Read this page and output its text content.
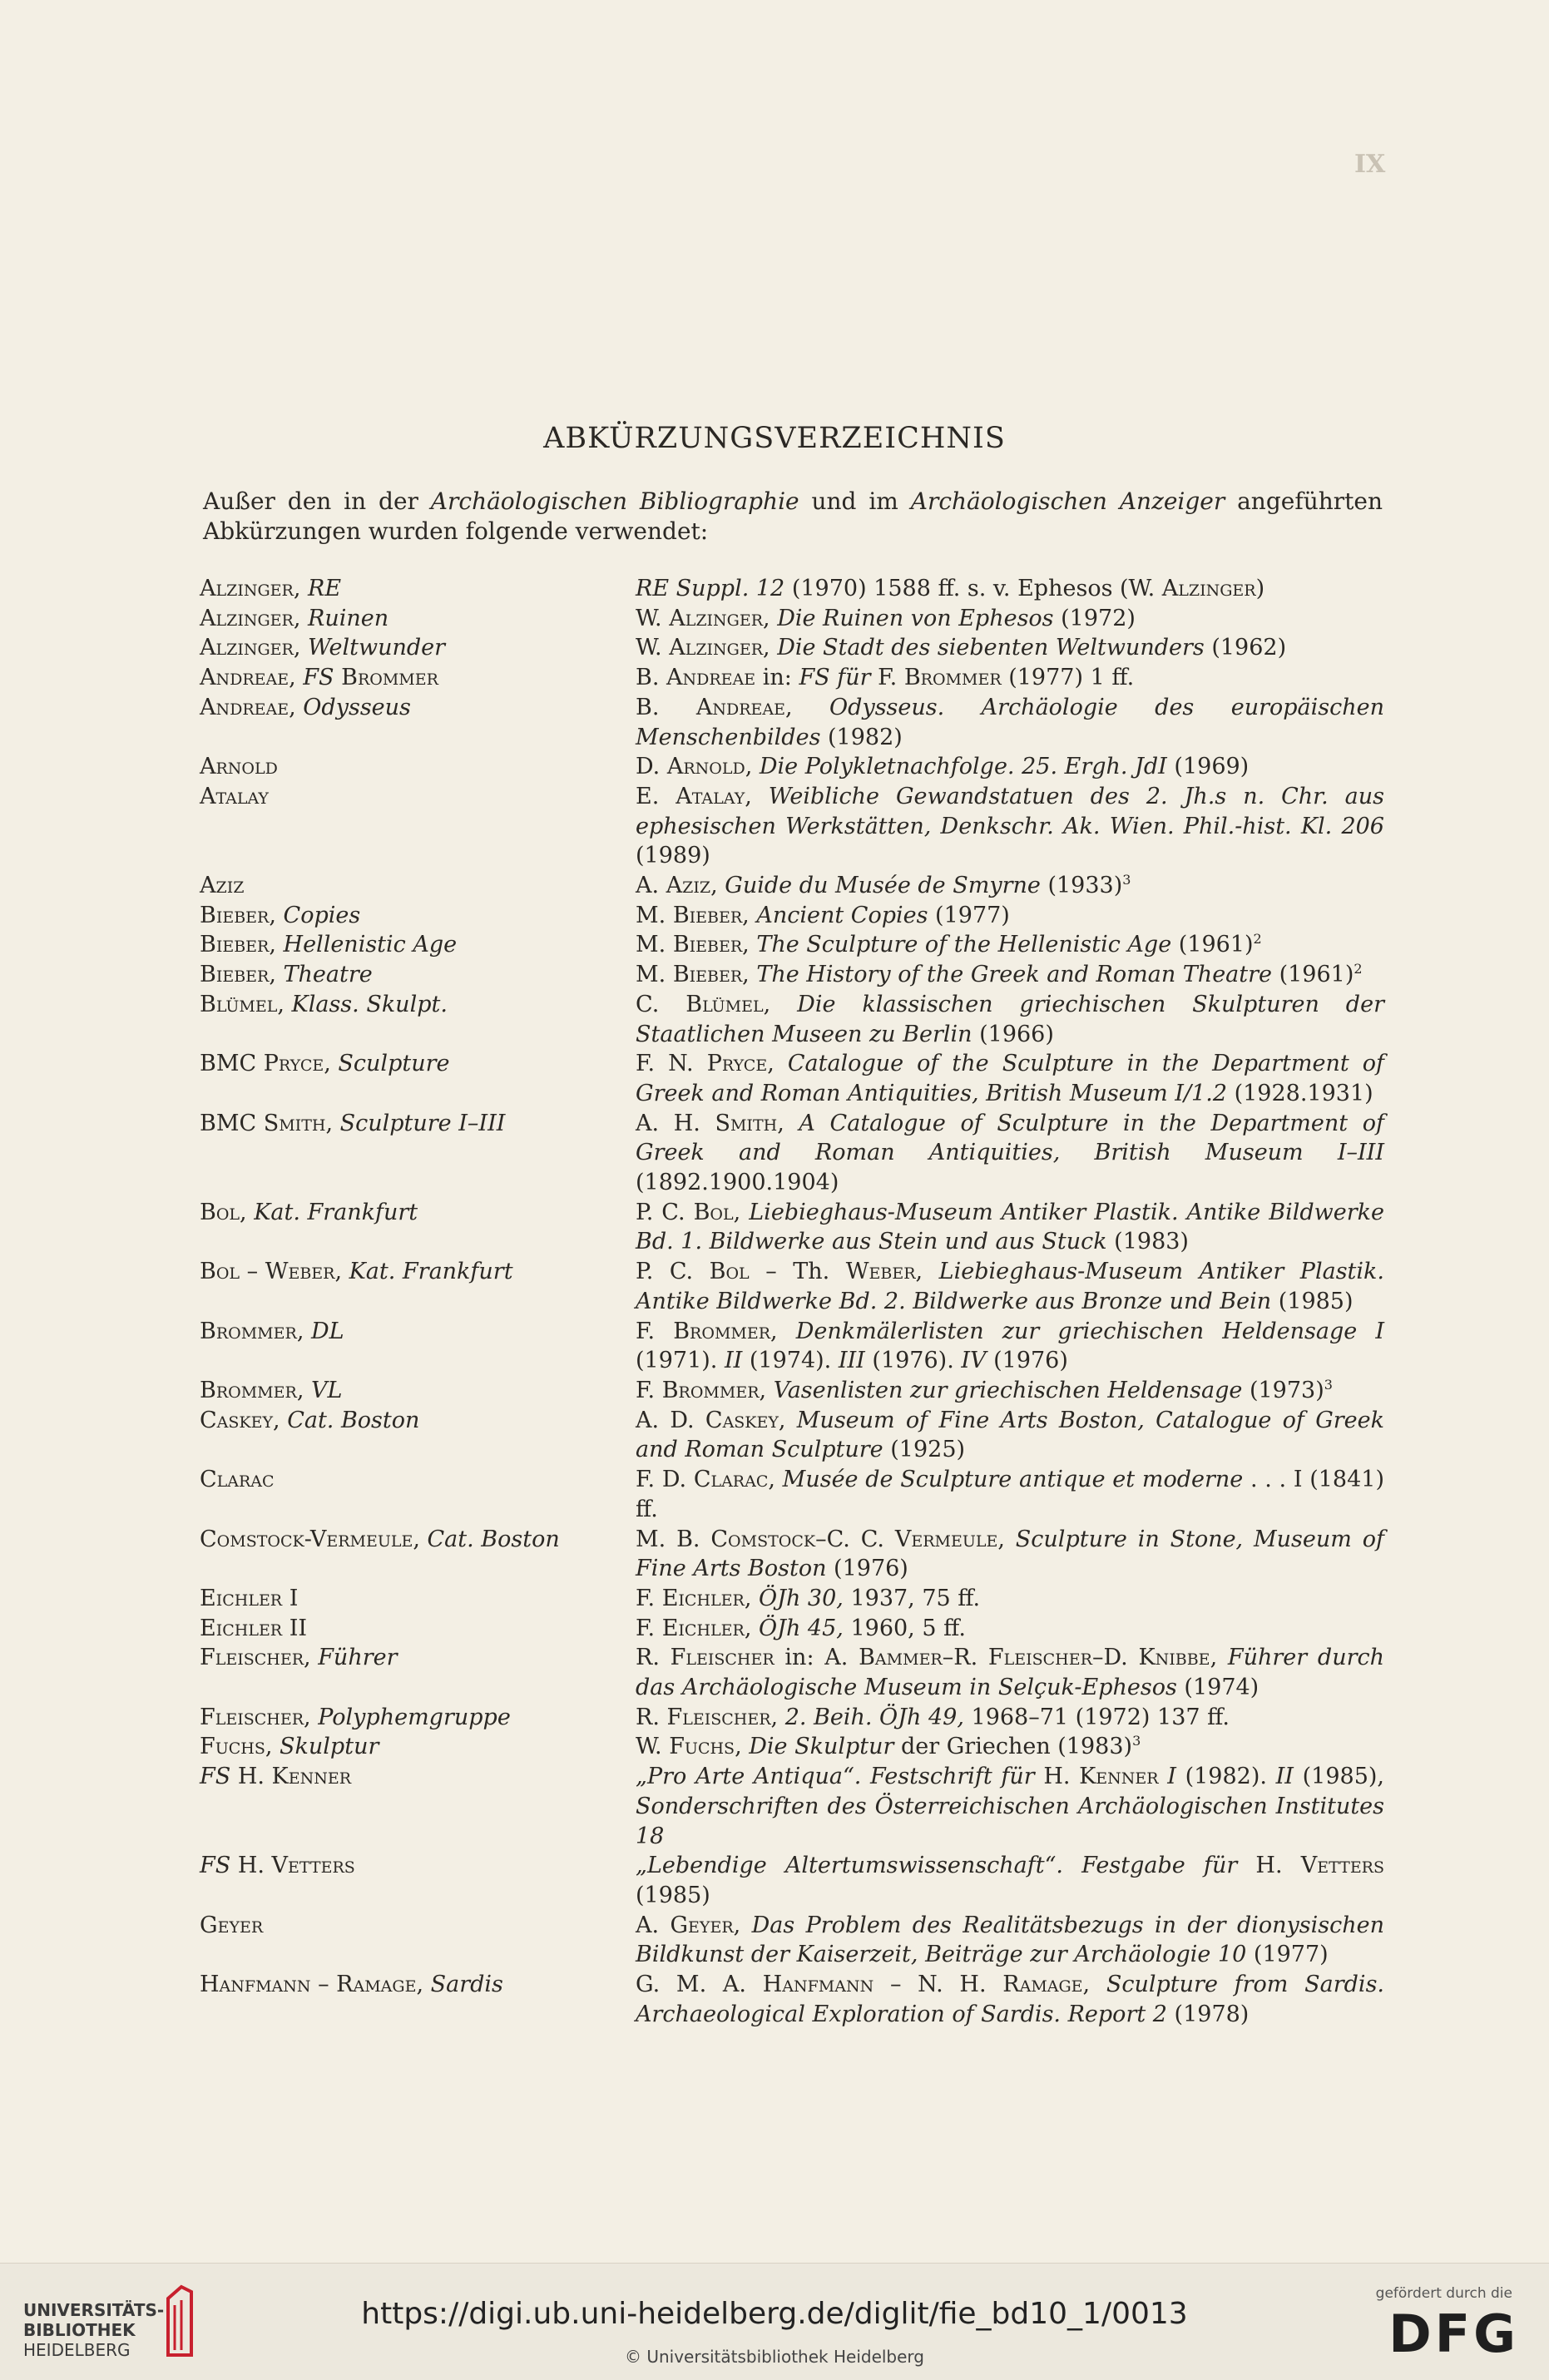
IX
ABKÜRZUNGSVERZEICHNIS
Außer den in der Archäologischen Bibliographie und im Archäologischen Anzeiger angeführten Abkürzungen wurden folgende verwendet:
Alzinger, RE	RE Suppl. 12 (1970) 1588 ff. s. v. Ephesos (W. Alzinger)
Alzinger, Ruinen	W. Alzinger, Die Ruinen von Ephesos (1972)
Alzinger, Weltwunder	W. Alzinger, Die Stadt des siebenten Weltwunders (1962)
Andreae, FS Brommer	B. Andreae in: FS für F. Brommer (1977) 1 ff.
Andreae, Odysseus	B. Andreae, Odysseus. Archäologie des europäischen Menschenbildes (1982)
Arnold	D. Arnold, Die Polykletnachfolge. 25. Ergh. JdI (1969)
Atalay	E. Atalay, Weibliche Gewandstatuen des 2. Jh.s n. Chr. aus ephesischen Werkstätten, Denkschr. Ak. Wien. Phil.-hist. Kl. 206 (1989)
Aziz	A. Aziz, Guide du Musée de Smyrne $(1933)^3$
Bieber, Copies	M. Bieber, Ancient Copies (1977)
Bieber, Hellenistic Age	M. Bieber, The Sculpture of the Hellenistic Age $(1961)^2$
Bieber, Theatre	M. Bieber, The History of the Greek and Roman Theatre $(1961)^2$
Blümel, Klass. Skulpt.	C. Blümel, Die klassischen griechischen Skulpturen der Staatlichen Museen zu Berlin (1966)
BMC Pryce, Sculpture	F. N. Pryce, Catalogue of the Sculpture in the Department of Greek and Roman Antiquities, British Museum I/1.2 (1928.1931)
BMC Smith, Sculpture I–III	A. H. Smith, A Catalogue of Sculpture in the Department of Greek and Roman Antiquities, British Museum I–III (1892.1900.1904)
Bol, Kat. Frankfurt	P. C. Bol, Liebieghaus-Museum Antiker Plastik. Antike Bildwerke Bd. 1. Bildwerke aus Stein und aus Stuck (1983)
Bol – Weber, Kat. Frankfurt	P. C. Bol – Th. Weber, Liebieghaus-Museum Antiker Plastik. Antike Bildwerke Bd. 2. Bildwerke aus Bronze und Bein (1985)
Brommer, DL	F. Brommer, Denkmälerlisten zur griechischen Heldensage I (1971). II (1974). III (1976). IV (1976)
Brommer, VL	F. Brommer, Vasenlisten zur griechischen Heldensage $(1973)^3$
Caskey, Cat. Boston	A. D. Caskey, Museum of Fine Arts Boston, Catalogue of Greek and Roman Sculpture (1925)
Clarac	F. D. Clarac, Musée de Sculpture antique et moderne . . . I (1841) ff.
Comstock-Vermeule, Cat. Boston	M. B. Comstock–C. C. Vermeule, Sculpture in Stone, Museum of Fine Arts Boston (1976)
Eichler I	F. Eichler, ÖJh 30, 1937, 75 ff.
Eichler II	F. Eichler, ÖJh 45, 1960, 5 ff.
Fleischer, Führer	R. Fleischer in: A. Bammer–R. Fleischer–D. Knibbe, Führer durch das Archäologische Museum in Selçuk-Ephesos (1974)
Fleischer, Polyphemgruppe	R. Fleischer, 2. Beih. ÖJh 49, 1968–71 (1972) 137 ff.
Fuchs, Skulptur	W. Fuchs, Die Skulptur der Griechen $(1983)^3$
FS H. Kenner	„Pro Arte Antiqua“. Festschrift für H. Kenner I (1982). II (1985), Sonderschriften des Österreichischen Archäologischen Institutes 18
FS H. Vetters	„Lebendige Altertumswissenschaft“. Festgabe für H. Vetters (1985)
Geyer	A. Geyer, Das Problem des Realitätsbezugs in der dionysischen Bildkunst der Kaiserzeit, Beiträge zur Archäologie 10 (1977)
Hanfmann – Ramage, Sardis	G. M. A. Hanfmann – N. H. Ramage, Sculpture from Sardis. Archaeological Exploration of Sardis. Report 2 (1978)
UNIVERSITÄTS-
BIBLIOTHEK
HEIDELBERG
https://digi.ub.uni-heidelberg.de/diglit/fie_bd10_1/0013
© Universitätsbibliothek Heidelberg
gefördert durch die
DFG
